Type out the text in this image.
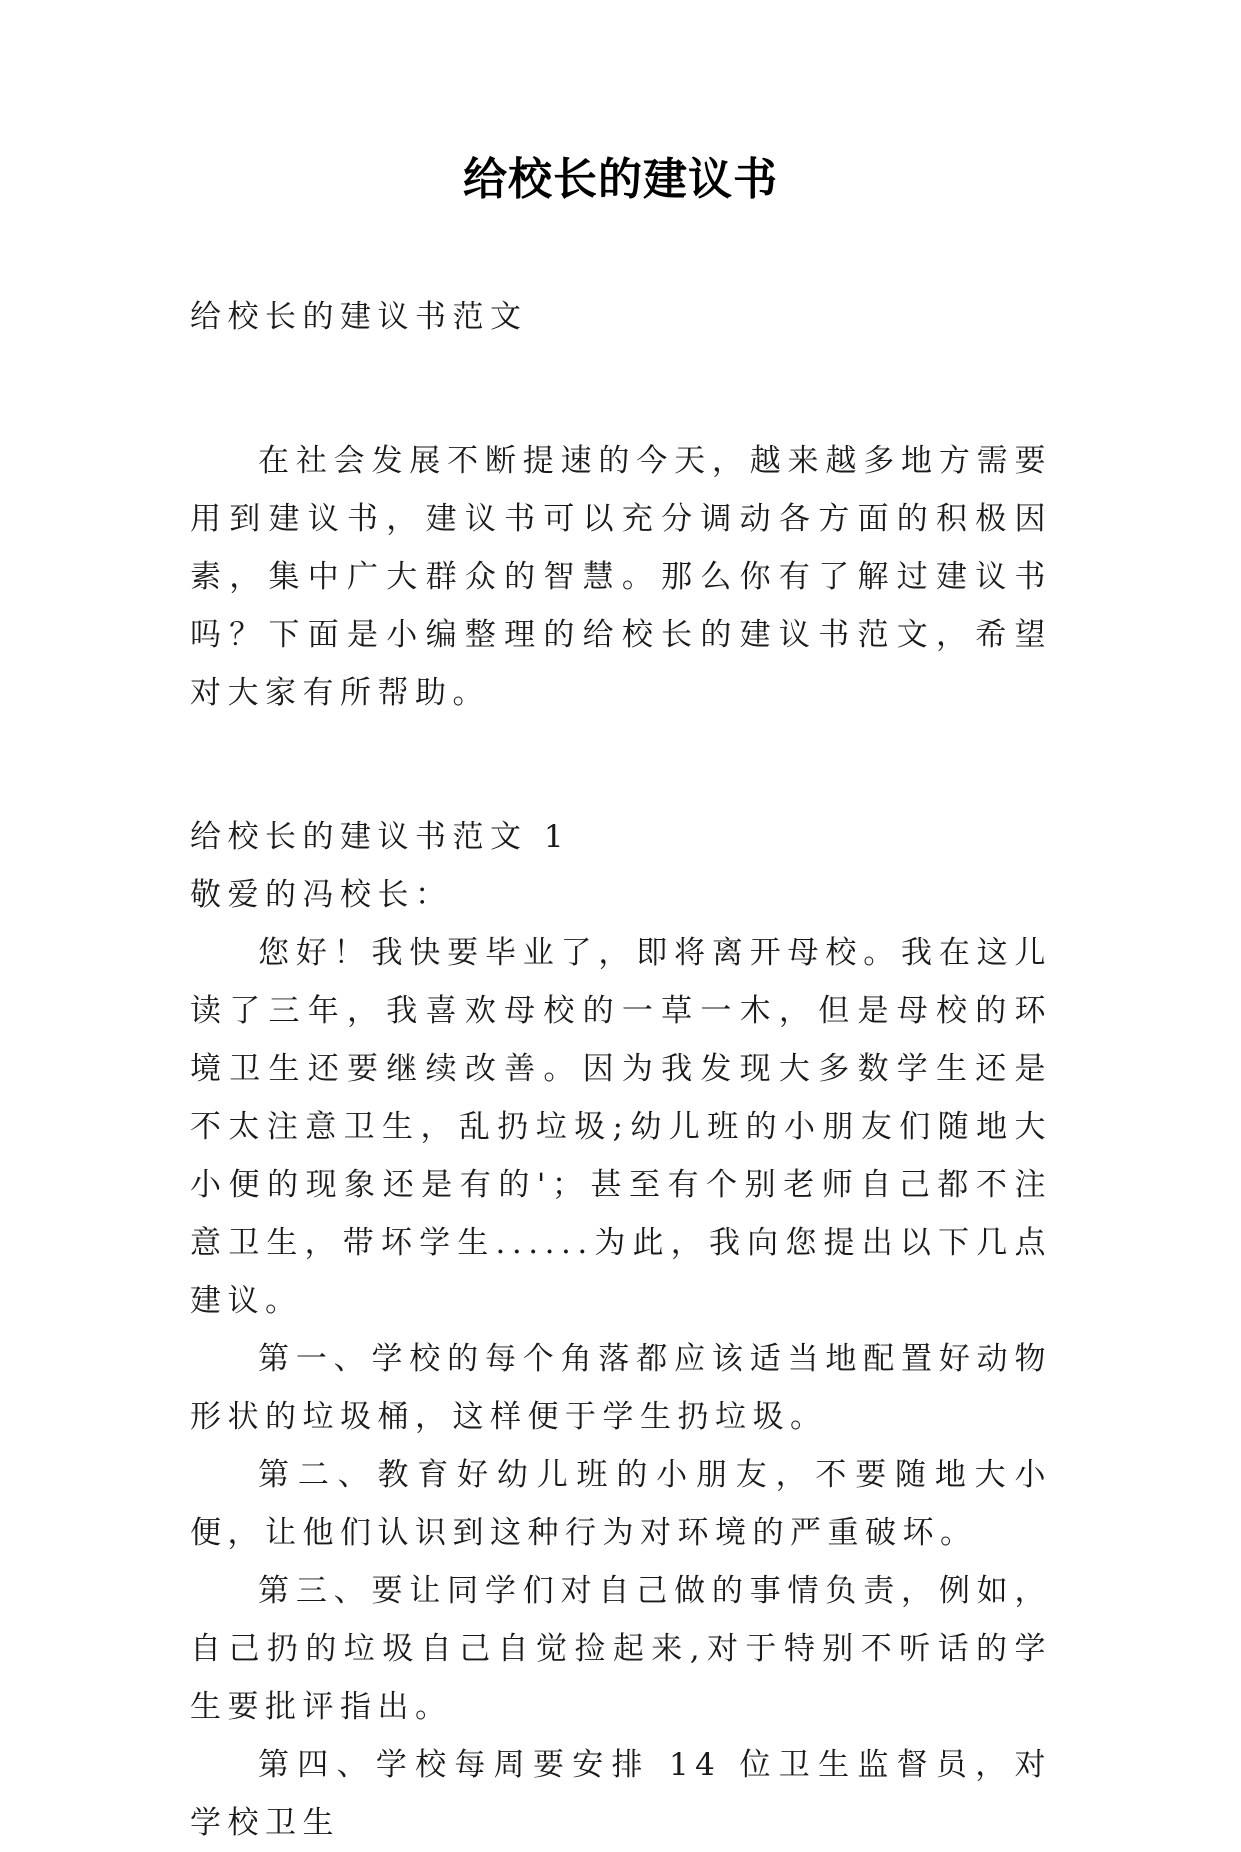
给校长的建议书

给校长的建议书范文

在社会发展不断提速的今天，越来越多地方需要用到建议书，建议书可以充分调动各方面的积极因素，集中广大群众的智慧。那么你有了解过建议书吗？下面是小编整理的给校长的建议书范文，希望对大家有所帮助。

给校长的建议书范文 1

敬爱的冯校长：

您好！我快要毕业了，即将离开母校。我在这儿读了三年，我喜欢母校的一草一木，但是母校的环境卫生还要继续改善。因为我发现大多数学生还是不太注意卫生，乱扔垃圾;幼儿班的小朋友们随地大小便的现象还是有的'；甚至有个别老师自己都不注意卫生，带坏学生......为此，我向您提出以下几点建议。

第一、学校的每个角落都应该适当地配置好动物形状的垃圾桶，这样便于学生扔垃圾。

第二、教育好幼儿班的小朋友，不要随地大小便，让他们认识到这种行为对环境的严重破坏。

第三、要让同学们对自己做的事情负责，例如，自己扔的垃圾自己自觉捡起来,对于特别不听话的学生要批评指出。

第四、学校每周要安排 14 位卫生监督员，对学校卫生
